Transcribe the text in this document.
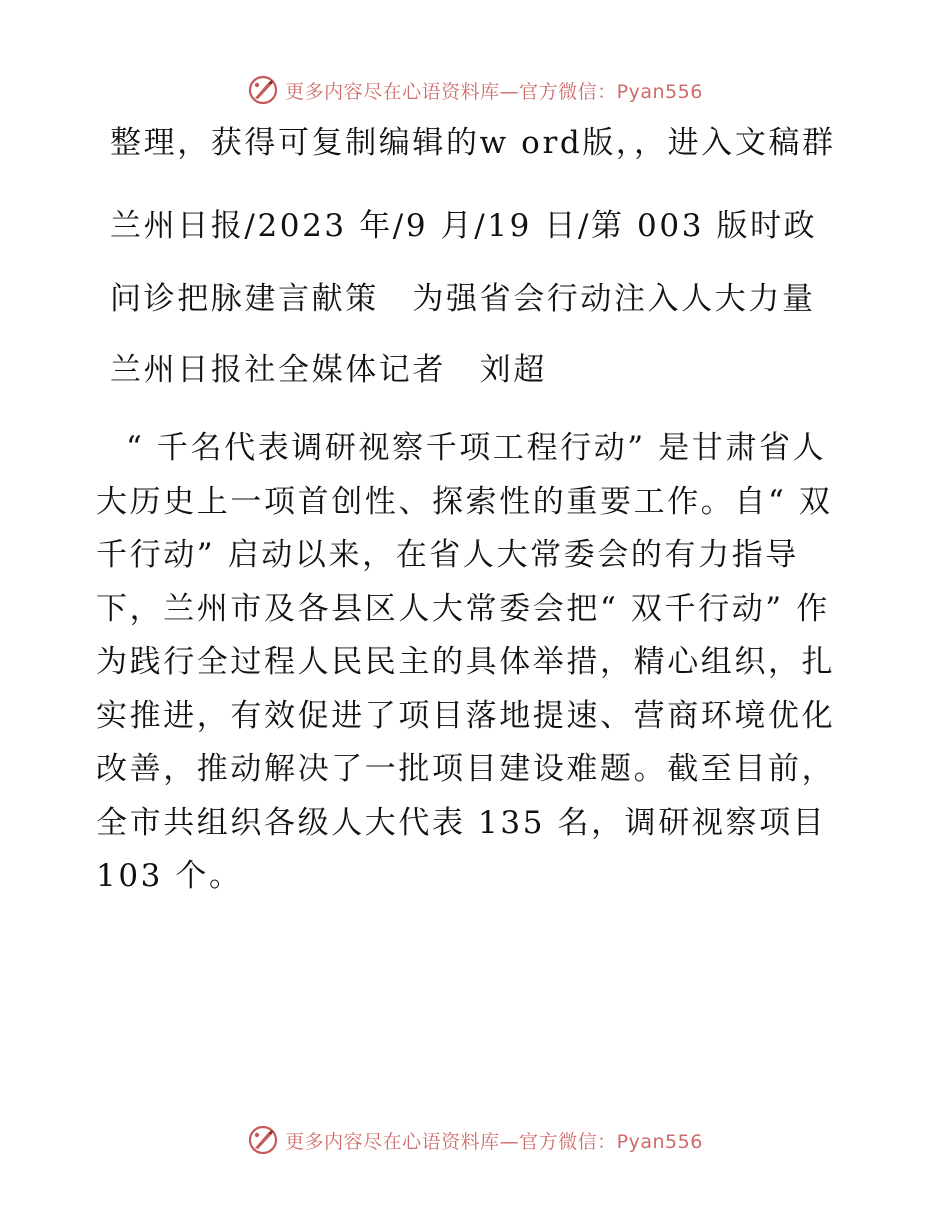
更多内容尽在心语资料库—官方微信：Pyan556

整理，获得可复制编辑的w ord版，，进入文稿群

兰州日报/2023 年/9 月/19 日/第 003 版时政

问诊把脉建言献策　为强省会行动注入人大力量

兰州日报社全媒体记者　刘超

“ 千名代表调研视察千项工程行动” 是甘肃省人大历史上一项首创性、探索性的重要工作。自“ 双千行动” 启动以来，在省人大常委会的有力指导下，兰州市及各县区人大常委会把“ 双千行动” 作为践行全过程人民民主的具体举措，精心组织，扎实推进，有效促进了项目落地提速、营商环境优化改善，推动解决了一批项目建设难题。截至目前，全市共组织各级人大代表 135 名，调研视察项目 103 个。

更多内容尽在心语资料库—官方微信：Pyan556
